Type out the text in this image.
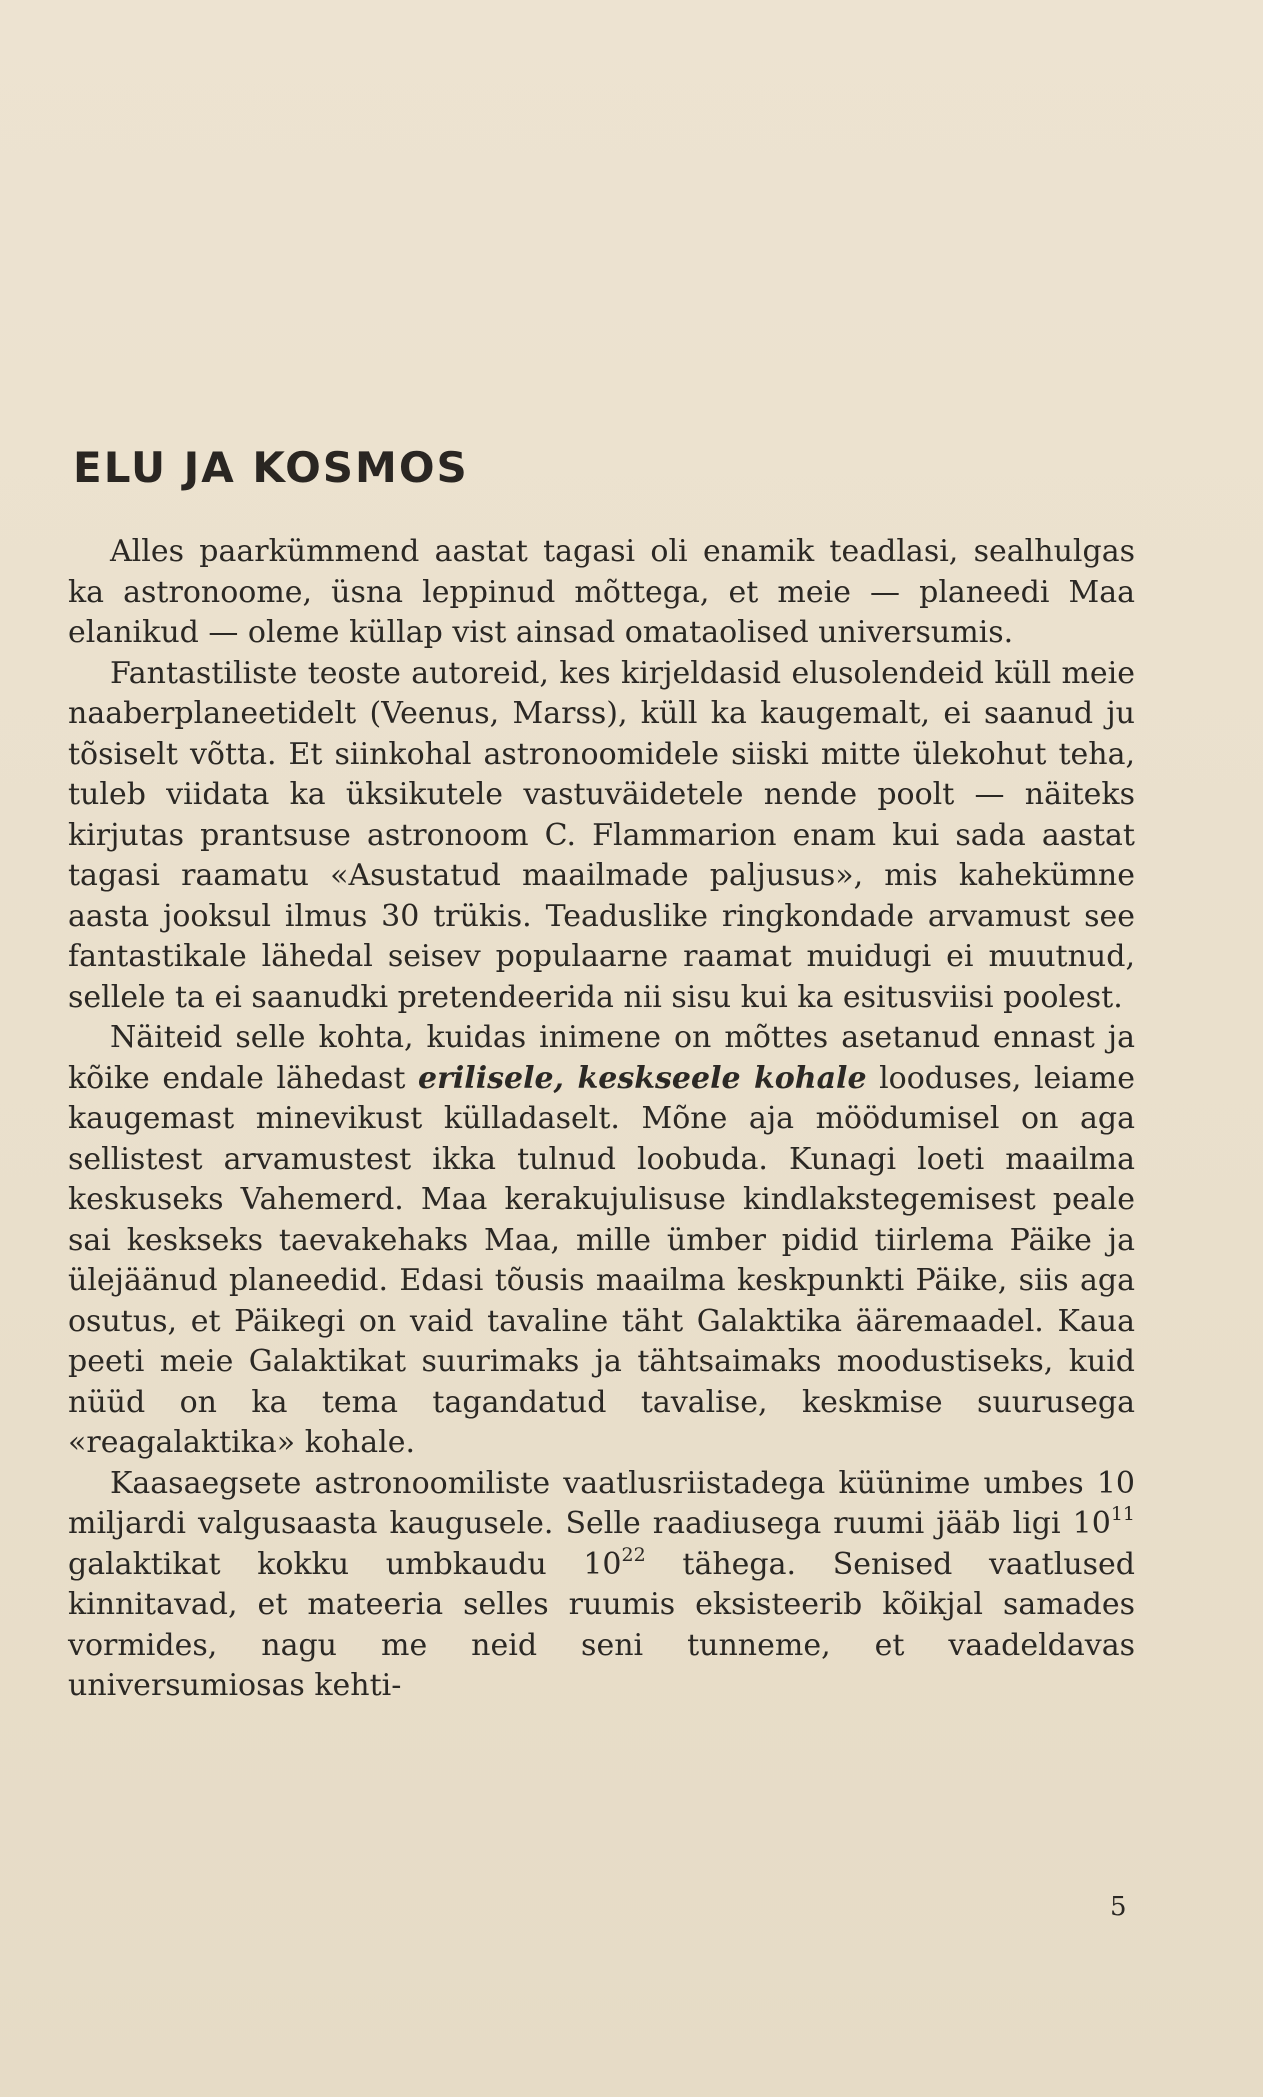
ELU JA KOSMOS

Alles paarkümmend aastat tagasi oli enamik teadlasi, sealhulgas ka astronoome, üsna leppinud mõttega, et meie — planeedi Maa elanikud — oleme küllap vist ainsad omataolised universumis.

Fantastiliste teoste autoreid, kes kirjeldasid elusolendeid küll meie naaberplaneetidelt (Veenus, Marss), küll ka kaugemalt, ei saanud ju tõsiselt võtta. Et siinkohal astronoomidele siiski mitte ülekohut teha, tuleb viidata ka üksikutele vastuväidetele nende poolt — näiteks kirjutas prantsuse astronoom C. Flammarion enam kui sada aastat tagasi raamatu «Asustatud maailmade paljusus», mis kahekümne aasta jooksul ilmus 30 trükis. Teaduslike ringkondade arvamust see fantastikale lähedal seisev populaarne raamat muidugi ei muutnud, sellele ta ei saanudki pretendeerida nii sisu kui ka esitusviisi poolest.

Näiteid selle kohta, kuidas inimene on mõttes asetanud ennast ja kõike endale lähedast erilisele, keskseele kohale looduses, leiame kaugemast minevikust külladaselt. Mõne aja möödumisel on aga sellistest arvamustest ikka tulnud loobuda. Kunagi loeti maailma keskuseks Vahemerd. Maa kerakujulisuse kindlakstegemisest peale sai keskseks taevakehaks Maa, mille ümber pidid tiirlema Päike ja ülejäänud planeedid. Edasi tõusis maailma keskpunkti Päike, siis aga osutus, et Päikegi on vaid tavaline täht Galaktika ääremaadel. Kaua peeti meie Galaktikat suurimaks ja tähtsaimaks moodustiseks, kuid nüüd on ka tema tagandatud tavalise, keskmise suurusega «reagalaktika» kohale.

Kaasaegsete astronoomiliste vaatlusriistadega küünime umbes 10 miljardi valgusaasta kaugusele. Selle raadiusega ruumi jääb ligi $10^{11}$ galaktikat kokku umbkaudu $10^{22}$ tähega. Senised vaatlused kinnitavad, et mateeria selles ruumis eksisteerib kõikjal samades vormides, nagu me neid seni tunneme, et vaadeldavas universumiosas kehti-

5
